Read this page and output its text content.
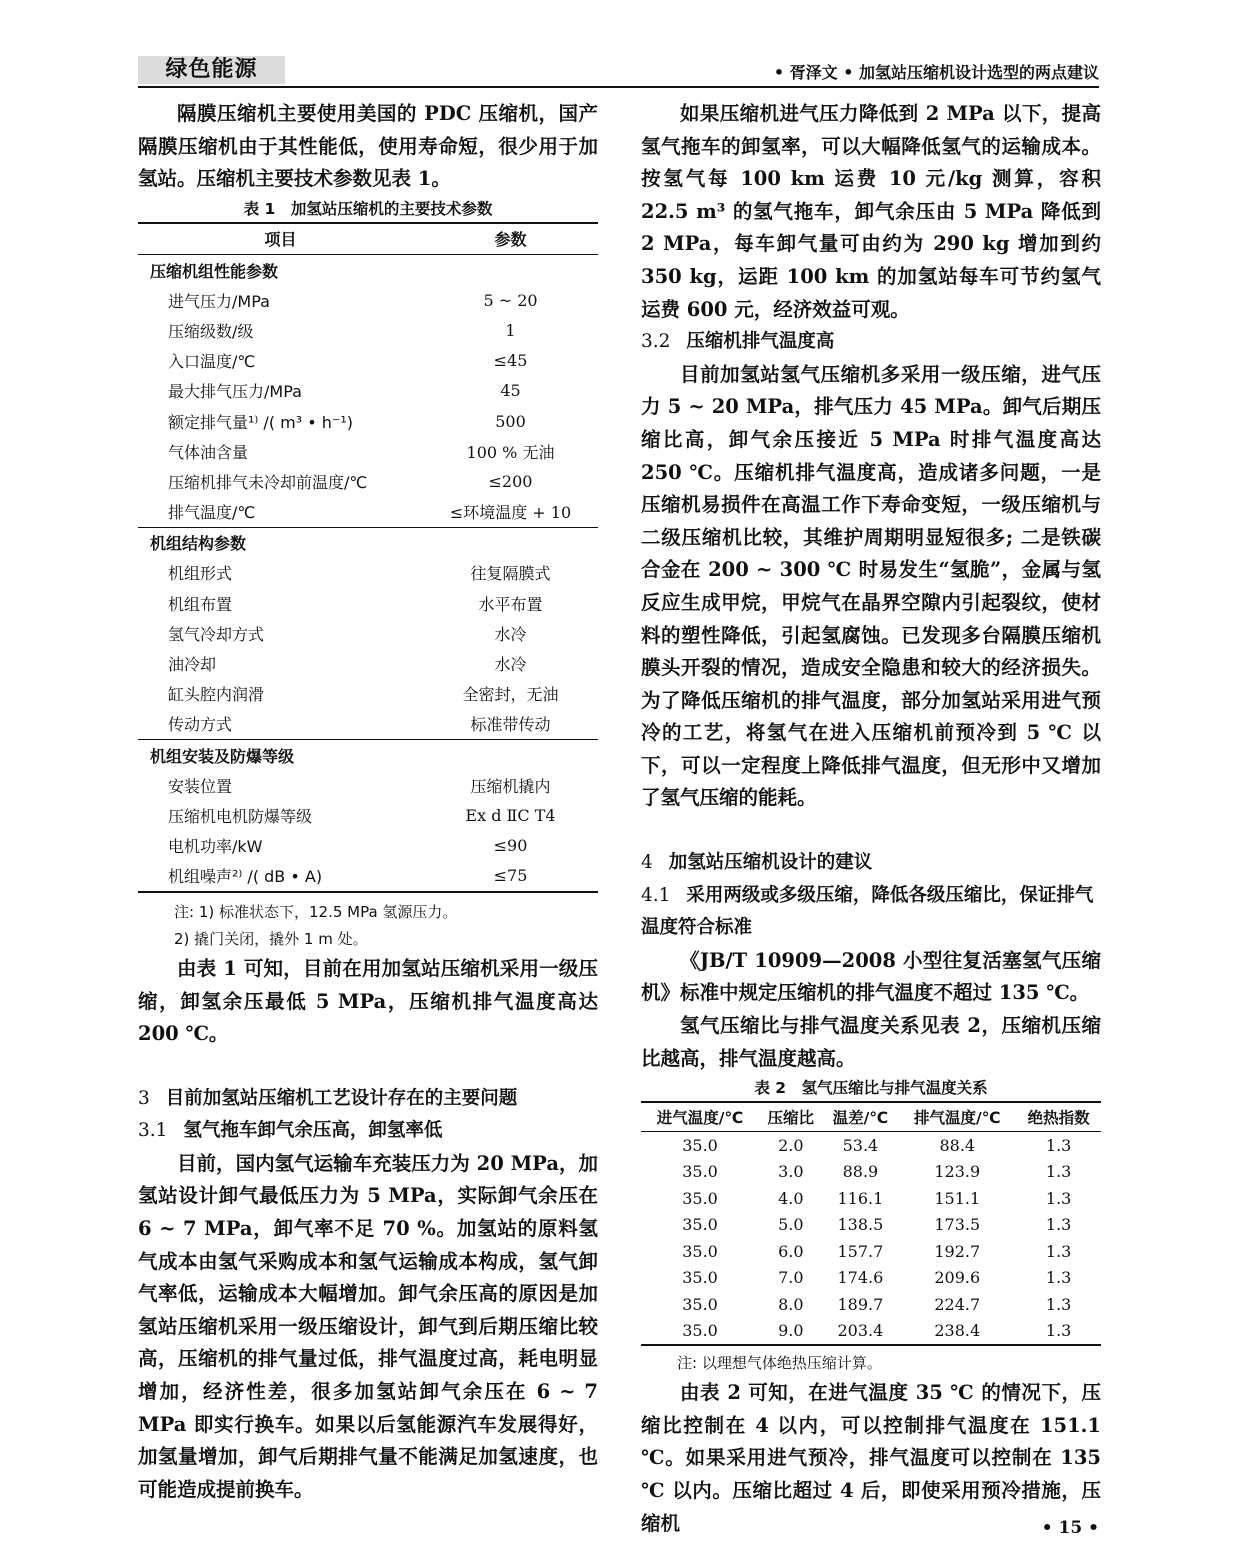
绿色能源	• 胥泽文 • 加氢站压缩机设计选型的两点建议

隔膜压缩机主要使用美国的 PDC 压缩机，国产隔膜压缩机由于其性能低，使用寿命短，很少用于加氢站。压缩机主要技术参数见表 1。

表 1　加氢站压缩机的主要技术参数
项目	参数
压缩机组性能参数	
进气压力/MPa	5 ~ 20
压缩级数/级	1
入口温度/℃	≤45
最大排气压力/MPa	45
额定排气量¹⁾ /( m³ • h⁻¹)	500
气体油含量	100 % 无油
压缩机排气未冷却前温度/℃	≤200
排气温度/℃	≤环境温度 + 10
机组结构参数	
机组形式	往复隔膜式
机组布置	水平布置
氢气冷却方式	水冷
油冷却	水冷
缸头腔内润滑	全密封，无油
传动方式	标准带传动
机组安装及防爆等级	
安装位置	压缩机撬内
压缩机电机防爆等级	Ex d ⅡC T4
电机功率/kW	≤90
机组噪声²⁾ /( dB • A)	≤75
注: 1) 标准状态下，12.5 MPa 氢源压力。
2) 撬门关闭，撬外 1 m 处。

由表 1 可知，目前在用加氢站压缩机采用一级压缩，卸氢余压最低 5 MPa，压缩机排气温度高达 200 ℃。

3 目前加氢站压缩机工艺设计存在的主要问题
3.1 氢气拖车卸气余压高，卸氢率低

目前，国内氢气运输车充装压力为 20 MPa，加氢站设计卸气最低压力为 5 MPa，实际卸气余压在 6 ~ 7 MPa，卸气率不足 70 %。加氢站的原料氢气成本由氢气采购成本和氢气运输成本构成，氢气卸气率低，运输成本大幅增加。卸气余压高的原因是加氢站压缩机采用一级压缩设计，卸气到后期压缩比较高，压缩机的排气量过低，排气温度过高，耗电明显增加，经济性差，很多加氢站卸气余压在 6 ~ 7 MPa 即实行换车。如果以后氢能源汽车发展得好，加氢量增加，卸气后期排气量不能满足加氢速度，也可能造成提前换车。

如果压缩机进气压力降低到 2 MPa 以下，提高氢气拖车的卸氢率，可以大幅降低氢气的运输成本。按氢气每 100 km 运费 10 元/kg 测算，容积 22.5 m³ 的氢气拖车，卸气余压由 5 MPa 降低到 2 MPa，每车卸气量可由约为 290 kg 增加到约 350 kg，运距 100 km 的加氢站每车可节约氢气运费 600 元，经济效益可观。

3.2 压缩机排气温度高

目前加氢站氢气压缩机多采用一级压缩，进气压力 5 ~ 20 MPa，排气压力 45 MPa。卸气后期压缩比高，卸气余压接近 5 MPa 时排气温度高达 250 ℃。压缩机排气温度高，造成诸多问题，一是压缩机易损件在高温工作下寿命变短，一级压缩机与二级压缩机比较，其维护周期明显短很多; 二是铁碳合金在 200 ~ 300 ℃ 时易发生“氢脆”，金属与氢反应生成甲烷，甲烷气在晶界空隙内引起裂纹，使材料的塑性降低，引起氢腐蚀。已发现多台隔膜压缩机膜头开裂的情况，造成安全隐患和较大的经济损失。为了降低压缩机的排气温度，部分加氢站采用进气预冷的工艺，将氢气在进入压缩机前预冷到 5 ℃ 以下，可以一定程度上降低排气温度，但无形中又增加了氢气压缩的能耗。

4 加氢站压缩机设计的建议
4.1 采用两级或多级压缩，降低各级压缩比，保证排气温度符合标准

《JB/T 10909—2008 小型往复活塞氢气压缩机》标准中规定压缩机的排气温度不超过 135 ℃。

氢气压缩比与排气温度关系见表 2，压缩机压缩比越高，排气温度越高。

表 2　氢气压缩比与排气温度关系
进气温度/℃	压缩比	温差/℃	排气温度/℃	绝热指数
35.0	2.0	53.4	88.4	1.3
35.0	3.0	88.9	123.9	1.3
35.0	4.0	116.1	151.1	1.3
35.0	5.0	138.5	173.5	1.3
35.0	6.0	157.7	192.7	1.3
35.0	7.0	174.6	209.6	1.3
35.0	8.0	189.7	224.7	1.3
35.0	9.0	203.4	238.4	1.3
注: 以理想气体绝热压缩计算。

由表 2 可知，在进气温度 35 ℃ 的情况下，压缩比控制在 4 以内，可以控制排气温度在 151.1 ℃。如果采用进气预冷，排气温度可以控制在 135 ℃ 以内。压缩比超过 4 后，即使采用预冷措施，压缩机	• 15 •
